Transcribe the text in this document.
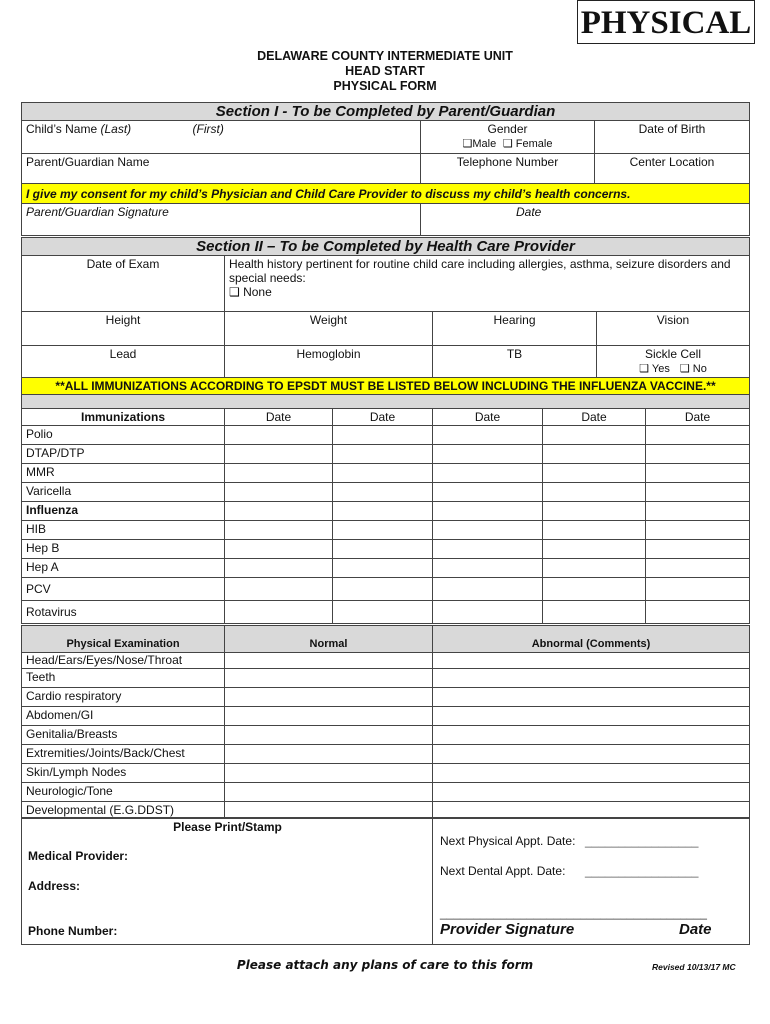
PHYSICAL
DELAWARE COUNTY INTERMEDIATE UNIT
HEAD START
PHYSICAL FORM
Section I - To be Completed by Parent/Guardian		
Child’s Name (Last) (First)	Gender
❑Male ❑ Female	Date of Birth
Parent/Guardian Name	Telephone Number	Center Location
I give my consent for my child’s Physician and Child Care Provider to discuss my child’s health concerns.		
Parent/Guardian Signature	Date	
Section II – To be Completed by Health Care Provider			
Date of Exam	Health history pertinent for routine child care including allergies, asthma, seizure disorders and special needs:
❑ None		

Height	Weight	Hearing	Vision
Lead	Hemoglobin	TB	Sickle Cell
❑ Yes ❑ No
**ALL IMMUNIZATIONS ACCORDING TO EPSDT MUST BE LISTED BELOW INCLUDING THE INFLUENZA VACCINE.**					

Immunizations	Date	Date	Date	Date	Date
Polio					
DTAP/DTP					
MMR					
Varicella					
Influenza					
HIB					
Hep B					
Hep A					
PCV					
Rotavirus					
Physical Examination	Normal	Abnormal (Comments)
Head/Ears/Eyes/Nose/Throat		
Teeth		
Cardio respiratory		
Abdomen/GI		
Genitalia/Breasts		
Extremities/Joints/Back/Chest		
Skin/Lymph Nodes		
Neurologic/Tone		
Developmental (E.G.DDST)		
Please Print/Stamp
Medical Provider:
Address:
Phone Number:

Next Physical Appt. Date: _________________
Next Dental Appt. Date: _________________
________________________________________
Provider Signature	Date
Please attach any plans of care to this form	Revised 10/13/17 MC
